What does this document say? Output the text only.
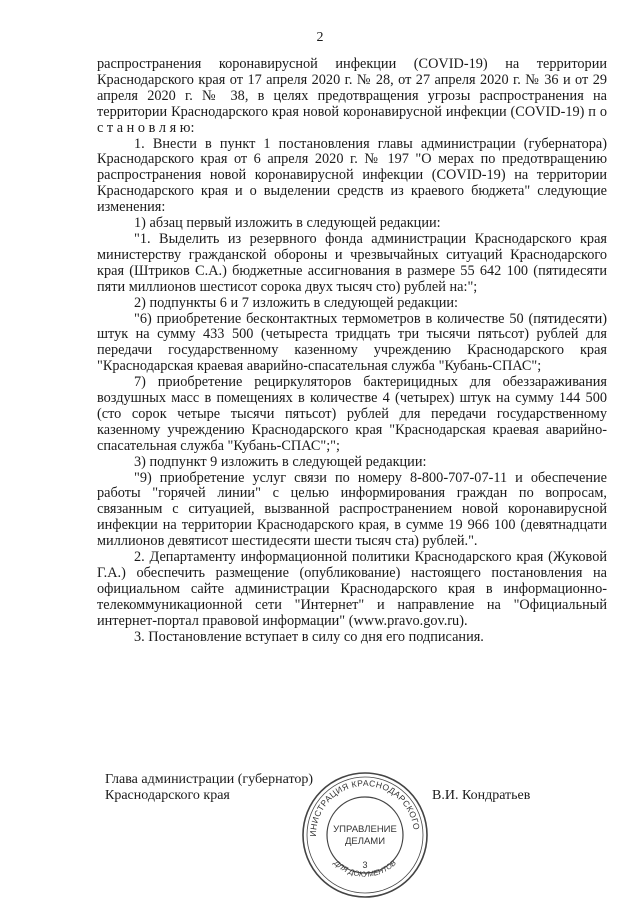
2

распространения коронавирусной инфекции (COVID-19) на территории Краснодарского края от 17 апреля 2020 г. № 28, от 27 апреля 2020 г. № 36 и от 29 апреля 2020 г. № 38, в целях предотвращения угрозы распространения на территории Краснодарского края новой коронавирусной инфекции (COVID-19) п о с т а н о в л я ю:

1. Внести в пункт 1 постановления главы администрации (губернатора) Краснодарского края от 6 апреля 2020 г. № 197 "О мерах по предотвращению распространения новой коронавирусной инфекции (COVID-19) на территории Краснодарского края и о выделении средств из краевого бюджета" следующие изменения:

1) абзац первый изложить в следующей редакции:

"1. Выделить из резервного фонда администрации Краснодарского края министерству гражданской обороны и чрезвычайных ситуаций Краснодарского края (Штриков С.А.) бюджетные ассигнования в размере 55 642 100 (пятидесяти пяти миллионов шестисот сорока двух тысяч сто) рублей на:";

2) подпункты 6 и 7 изложить в следующей редакции:

"6) приобретение бесконтактных термометров в количестве 50 (пятидесяти) штук на сумму 433 500 (четыреста тридцать три тысячи пятьсот) рублей для передачи государственному казенному учреждению Краснодарского края "Краснодарская краевая аварийно-спасательная служба "Кубань-СПАС";

7) приобретение рециркуляторов бактерицидных для обеззараживания воздушных масс в помещениях в количестве 4 (четырех) штук на сумму 144 500 (сто сорок четыре тысячи пятьсот) рублей для передачи государственному казенному учреждению Краснодарского края "Краснодарская краевая аварийно-спасательная служба "Кубань-СПАС";";

3) подпункт 9 изложить в следующей редакции:

"9) приобретение услуг связи по номеру 8-800-707-07-11 и обеспечение работы "горячей линии" с целью информирования граждан по вопросам, связанным с ситуацией, вызванной распространением новой коронавирусной инфекции на территории Краснодарского края, в сумме 19 966 100 (девятнадцати миллионов девятисот шестидесяти шести тысяч ста) рублей.".

2. Департаменту информационной политики Краснодарского края (Жуковой Г.А.) обеспечить размещение (опубликование) настоящего постановления на официальном сайте администрации Краснодарского края в информационно-телекоммуникационной сети "Интернет" и направление на "Официальный интернет-портал правовой информации" (www.pravo.gov.ru).

3. Постановление вступает в силу со дня его подписания.

Глава администрации (губернатор)
Краснодарского края	В.И. Кондратьев
ИНИСТРАЦИЯ КРАСНОДАРСКОГО
ДЛЯ ДОКУМЕНТОВ
УПРАВЛЕНИЕ
ДЕЛАМИ
3
